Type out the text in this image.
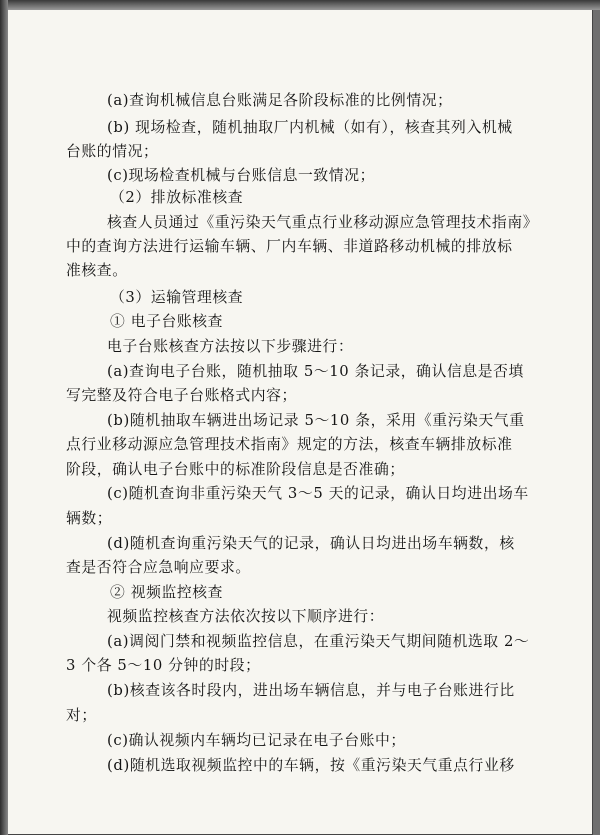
(a)查询机械信息台账满足各阶段标准的比例情况；
(b) 现场检查，随机抽取厂内机械（如有），核查其列入机械
台账的情况；
(c)现场检查机械与台账信息一致情况；
（2）排放标准核查
核查人员通过《重污染天气重点行业移动源应急管理技术指南》
中的查询方法进行运输车辆、厂内车辆、非道路移动机械的排放标
准核查。
（3）运输管理核查
① 电子台账核查
电子台账核查方法按以下步骤进行：
(a)查询电子台账，随机抽取 5～10 条记录，确认信息是否填
写完整及符合电子台账格式内容；
(b)随机抽取车辆进出场记录 5～10 条，采用《重污染天气重
点行业移动源应急管理技术指南》规定的方法，核查车辆排放标准
阶段，确认电子台账中的标准阶段信息是否准确；
(c)随机查询非重污染天气 3～5 天的记录，确认日均进出场车
辆数；
(d)随机查询重污染天气的记录，确认日均进出场车辆数，核
查是否符合应急响应要求。
② 视频监控核查
视频监控核查方法依次按以下顺序进行：
(a)调阅门禁和视频监控信息，在重污染天气期间随机选取 2～
3 个各 5～10 分钟的时段；
(b)核查该各时段内，进出场车辆信息，并与电子台账进行比
对；
(c)确认视频内车辆均已记录在电子台账中；
(d)随机选取视频监控中的车辆，按《重污染天气重点行业移
